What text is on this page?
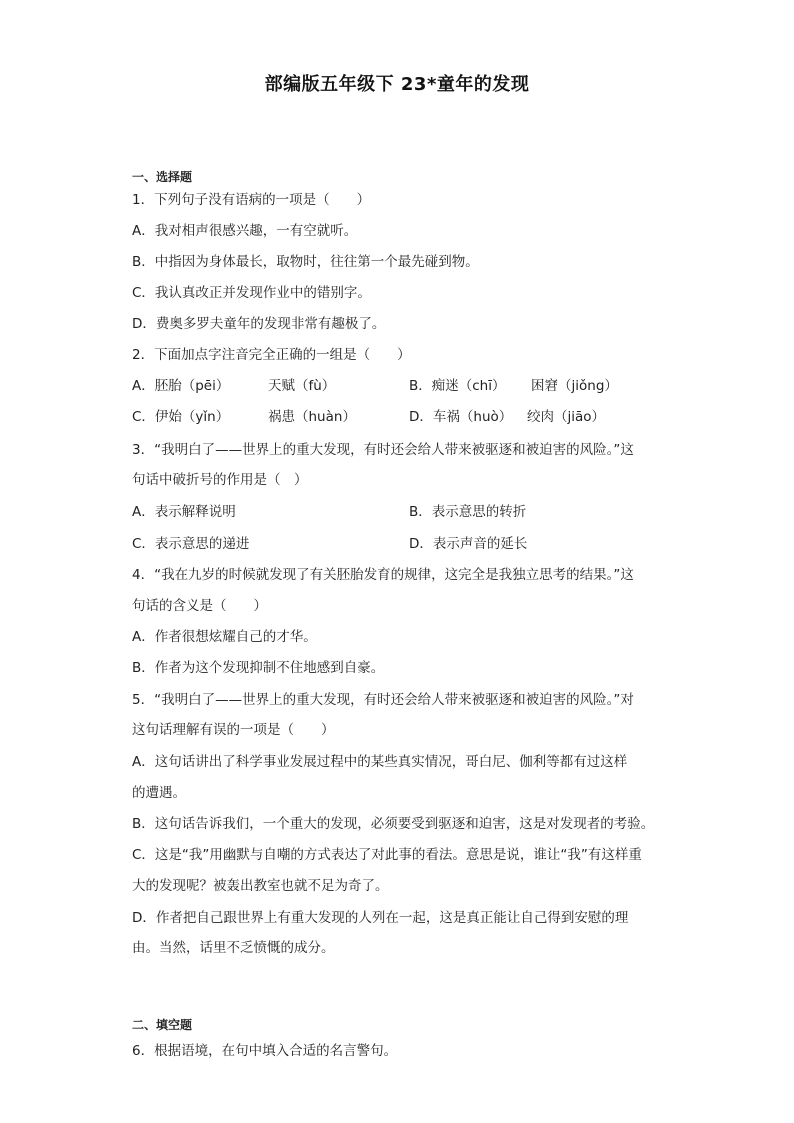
部编版五年级下 23*童年的发现
一、选择题
1．下列句子没有语病的一项是（　　）
A．我对相声很感兴趣，一有空就听。
B．中指因为身体最长，取物时，往往第一个最先碰到物。
C．我认真改正并发现作业中的错别字。
D．费奥多罗夫童年的发现非常有趣极了。
2．下面加点字注音完全正确的一组是（　　）
A．胚胎（pēi）	天赋（fù）	B．痴迷（chī） 困窘（jiǒng）
C．伊始（yǐn）	祸患（huàn）	D．车祸（huò） 绞肉（jiāo）
3．“我明白了——世界上的重大发现，有时还会给人带来被驱逐和被迫害的风险。”这
句话中破折号的作用是（　）
A．表示解释说明	B．表示意思的转折
C．表示意思的递进	D．表示声音的延长
4．“我在九岁的时候就发现了有关胚胎发育的规律，这完全是我独立思考的结果。”这
句话的含义是（　　）
A．作者很想炫耀自己的才华。
B．作者为这个发现抑制不住地感到自豪。
5．“我明白了——世界上的重大发现，有时还会给人带来被驱逐和被迫害的风险。”对
这句话理解有误的一项是（　　）
A．这句话讲出了科学事业发展过程中的某些真实情况，哥白尼、伽利等都有过这样
的遭遇。
B．这句话告诉我们，一个重大的发现，必须要受到驱逐和迫害，这是对发现者的考验。
C．这是“我”用幽默与自嘲的方式表达了对此事的看法。意思是说，谁让“我”有这样重
大的发现呢？被轰出教室也就不足为奇了。
D．作者把自己跟世界上有重大发现的人列在一起，这是真正能让自己得到安慰的理
由。当然，话里不乏愤慨的成分。
二、填空题
6．根据语境，在句中填入合适的名言警句。
